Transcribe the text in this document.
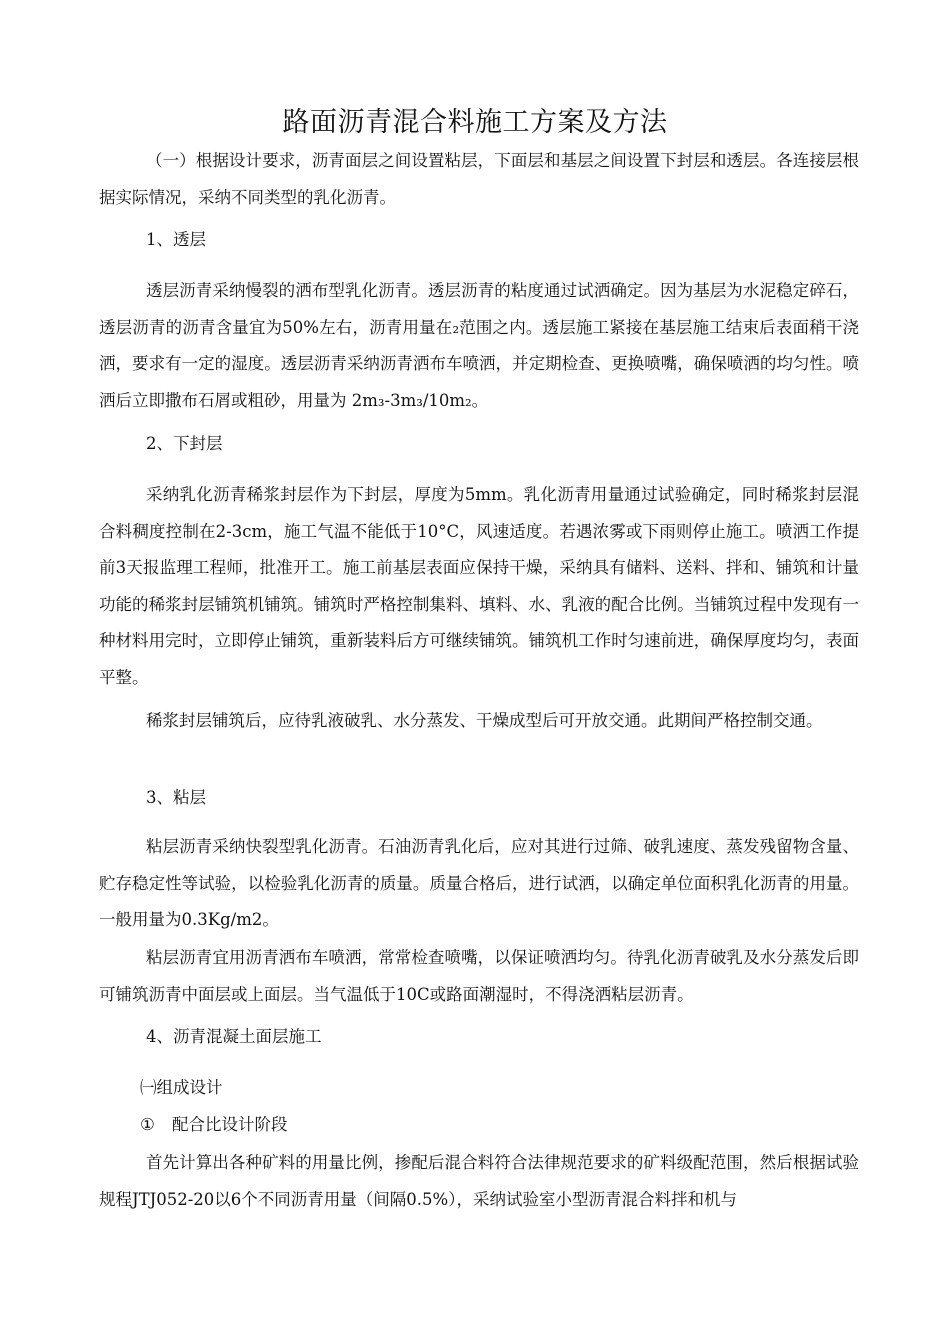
路面沥青混合料施工方案及方法

（一）根据设计要求，沥青面层之间设置粘层，下面层和基层之间设置下封层和透层。各连接层根据实际情况，采纳不同类型的乳化沥青。

1、透层

透层沥青采纳慢裂的洒布型乳化沥青。透层沥青的粘度通过试洒确定。因为基层为水泥稳定碎石，透层沥青的沥青含量宜为50%左右，沥青用量在₂范围之内。透层施工紧接在基层施工结束后表面稍干浇洒，要求有一定的湿度。透层沥青采纳沥青洒布车喷洒，并定期检查、更换喷嘴，确保喷洒的均匀性。喷洒后立即撒布石屑或粗砂，用量为 2m₃-3m₃/10m₂。

2、下封层

采纳乳化沥青稀浆封层作为下封层，厚度为5mm。乳化沥青用量通过试验确定，同时稀浆封层混合料稠度控制在2-3cm，施工气温不能低于10°C，风速适度。若遇浓雾或下雨则停止施工。喷洒工作提前3天报监理工程师，批准开工。施工前基层表面应保持干燥，采纳具有储料、送料、拌和、铺筑和计量功能的稀浆封层铺筑机铺筑。铺筑时严格控制集料、填料、水、乳液的配合比例。当铺筑过程中发现有一种材料用完时，立即停止铺筑，重新装料后方可继续铺筑。铺筑机工作时匀速前进，确保厚度均匀，表面平整。

稀浆封层铺筑后，应待乳液破乳、水分蒸发、干燥成型后可开放交通。此期间严格控制交通。

3、粘层

粘层沥青采纳快裂型乳化沥青。石油沥青乳化后，应对其进行过筛、破乳速度、蒸发残留物含量、贮存稳定性等试验，以检验乳化沥青的质量。质量合格后，进行试洒，以确定单位面积乳化沥青的用量。一般用量为0.3Kg/m2。

粘层沥青宜用沥青洒布车喷洒，常常检查喷嘴，以保证喷洒均匀。待乳化沥青破乳及水分蒸发后即可铺筑沥青中面层或上面层。当气温低于10C或路面潮湿时，不得浇洒粘层沥青。

4、沥青混凝土面层施工

㈠组成设计

① 配合比设计阶段

首先计算出各种矿料的用量比例，掺配后混合料符合法律规范要求的矿料级配范围，然后根据试验规程JTJ052-20以6个不同沥青用量（间隔0.5%），采纳试验室小型沥青混合料拌和机与
